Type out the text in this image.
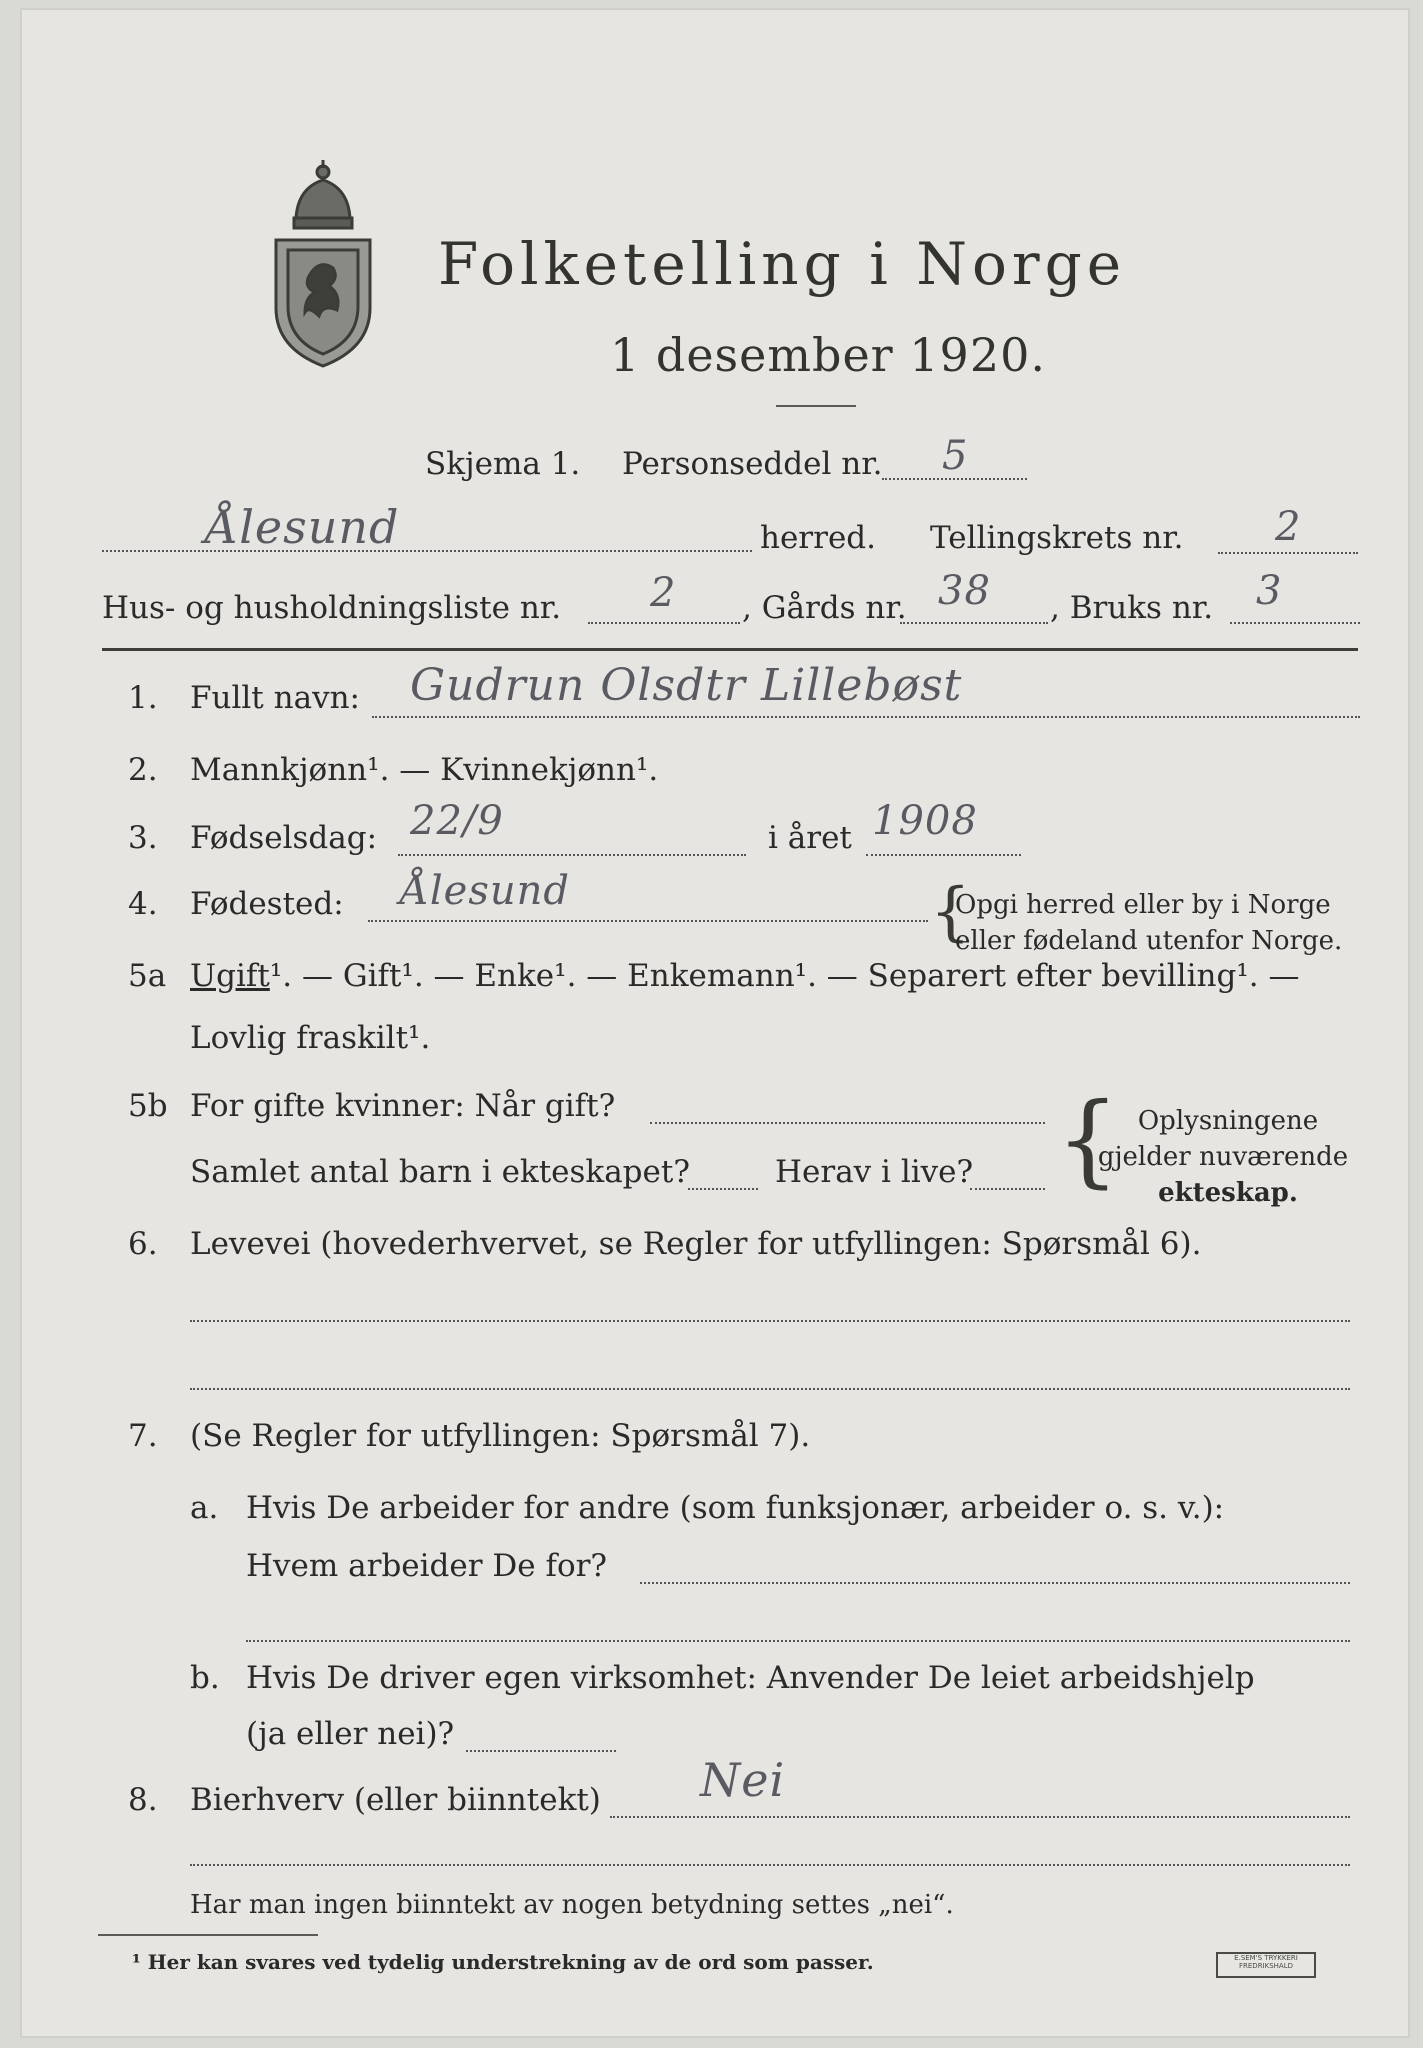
Folketelling i Norge
1 desember 1920.
Skjema 1. Personseddel nr. 5
Ålesund	herred. Tellingskrets nr. 2
Hus- og husholdningsliste nr. 2 , Gårds nr. 38 , Bruks nr. 3
1. Fullt navn: Gudrun Olsdtr Lillebøst
2. Mannkjønn¹. — Kvinnekjønn¹.
3. Fødselsdag: 22/9	i året 1908
4. Fødested: Ålesund	{
Opgi herred eller by i Norge
eller fødeland utenfor Norge.
5a Ugift¹. — Gift¹. — Enke¹. — Enkemann¹. — Separert efter bevilling¹. —
Lovlig fraskilt¹.
5b For gifte kvinner: Når gift?
Samlet antal barn i ekteskapet?	Herav i live? { Oplysningene
gjelder nuværende
ekteskap.
6. Levevei (hovederhvervet, se Regler for utfyllingen: Spørsmål 6).
7. (Se Regler for utfyllingen: Spørsmål 7).
a. Hvis De arbeider for andre (som funksjonær, arbeider o. s. v.):
Hvem arbeider De for?
b. Hvis De driver egen virksomhet: Anvender De leiet arbeidshjelp
(ja eller nei)?
8. Bierhverv (eller biinntekt) Nei
Har man ingen biinntekt av nogen betydning settes „nei“.
¹ Her kan svares ved tydelig understrekning av de ord som passer.	E.SEM'S TRYKKERI
FREDRIKSHALD
